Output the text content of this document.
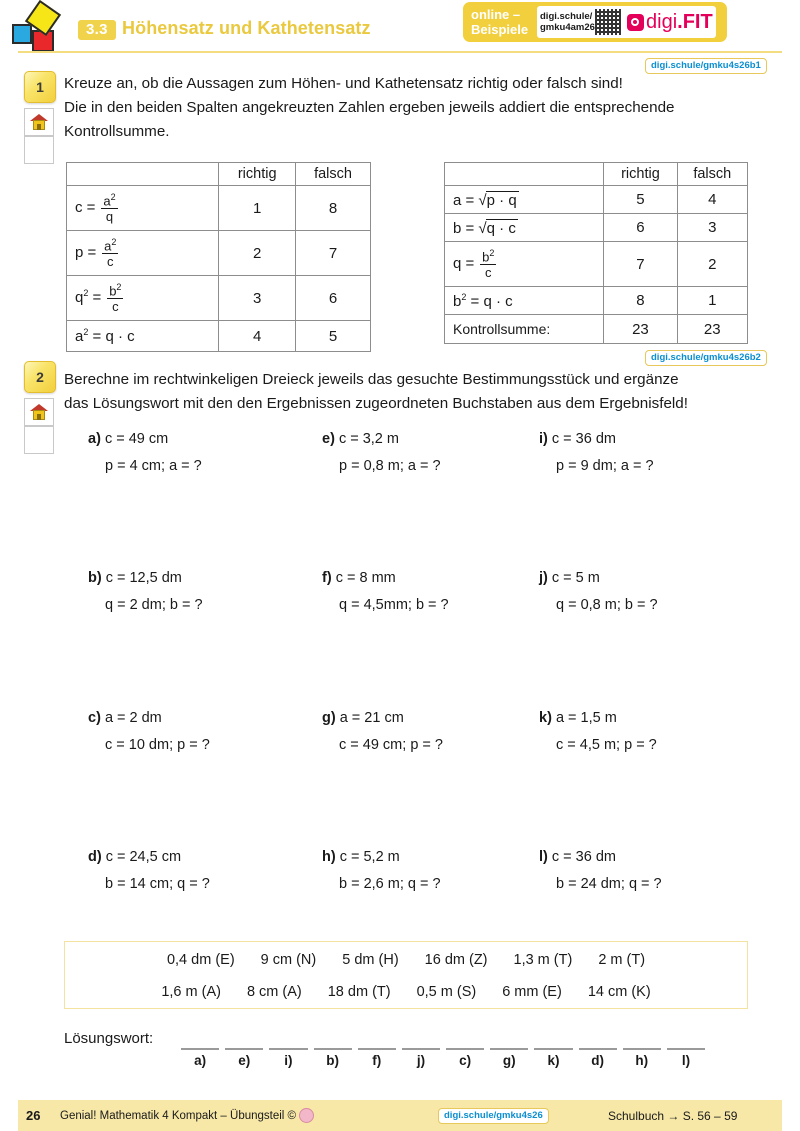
3.3 Höhensatz und Kathetensatz
online –
Beispiele
digi.schule/
gmku4am26	digi .FIT
digi.schule/gmku4s26b1
1	Kreuze an, ob die Aussagen zum Höhen- und Kathetensatz richtig oder falsch sind!
Die in den beiden Spalten angekreuzten Zahlen ergeben jeweils addiert die entsprechende
Kontrollsumme.
	richtig	falsch
$c = \frac{a^2}{q}$	1	8
$p = \frac{a^2}{c}$	2	7
$q^2 = \frac{b^2}{c}$	3	6
$a^2 = q \cdot c$	4	5
	richtig	falsch
a = √p · q	5	4
b = √q · c	6	3
$q = \frac{b^2}{c}$	7	2
$b^2 = q \cdot c$	8	1
Kontrollsumme:	23	23
digi.schule/gmku4s26b2
2	Berechne im rechtwinkeligen Dreieck jeweils das gesuchte Bestimmungsstück und ergänze
das Lösungswort mit den den Ergebnissen zugeordneten Buchstaben aus dem Ergebnisfeld!
a) c = 49 cm
p = 4 cm; a = ?
e) c = 3,2 m
p = 0,8 m; a = ?
i) c = 36 dm
p = 9 dm; a = ?
b) c = 12,5 dm
q = 2 dm; b = ?
f) c = 8 mm
q = 4,5mm; b = ?
j) c = 5 m
q = 0,8 m; b = ?
c) a = 2 dm
c = 10 dm; p = ?
g) a = 21 cm
c = 49 cm; p = ?
k) a = 1,5 m
c = 4,5 m; p = ?
d) c = 24,5 cm
b = 14 cm; q = ?
h) c = 5,2 m
b = 2,6 m; q = ?
l) c = 36 dm
b = 24 dm; q = ?
0,4 dm (E) 9 cm (N) 5 dm (H) 16 dm (Z) 1,3 m (T) 2 m (T)
1,6 m (A) 8 cm (A) 18 dm (T) 0,5 m (S) 6 mm (E) 14 cm (K)
Lösungswort:
a)	e)	i)	b)	f)	j)	c)	g)	k)	d)	h)	l)
26	Genial! Mathematik 4 Kompakt – Übungsteil ©	digi.schule/gmku4s26	Schulbuch → S. 56 – 59
